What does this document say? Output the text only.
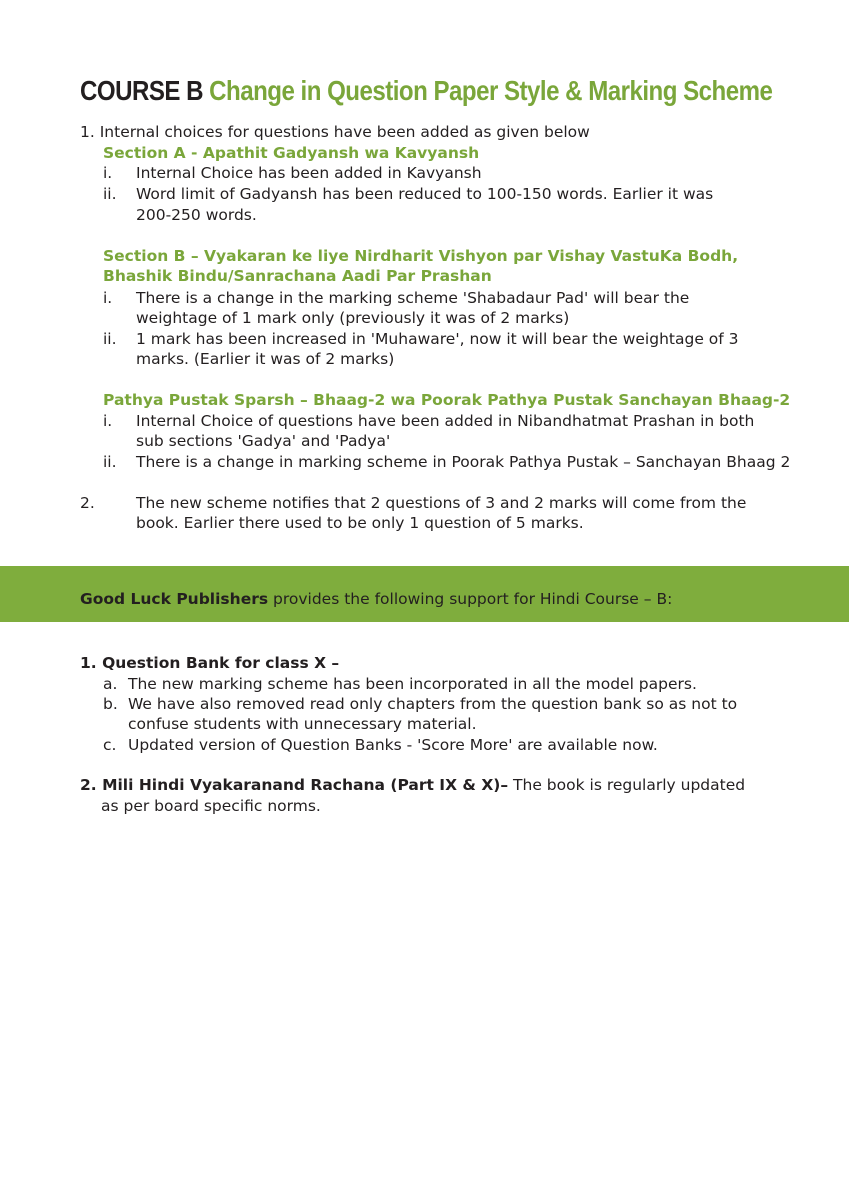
COURSE B Change in Question Paper Style & Marking Scheme
1. Internal choices for questions have been added as given below
Section A - Apathit Gadyansh wa Kavyansh
i. Internal Choice has been added in Kavyansh
ii. Word limit of Gadyansh has been reduced to 100-150 words. Earlier it was
200-250 words.
Section B – Vyakaran ke liye Nirdharit Vishyon par Vishay VastuKa Bodh,
Bhashik Bindu/Sanrachana Aadi Par Prashan
i. There is a change in the marking scheme 'Shabadaur Pad' will bear the
weightage of 1 mark only (previously it was of 2 marks)
ii. 1 mark has been increased in 'Muhaware', now it will bear the weightage of 3
marks. (Earlier it was of 2 marks)
Pathya Pustak Sparsh – Bhaag-2 wa Poorak Pathya Pustak Sanchayan Bhaag-2
i. Internal Choice of questions have been added in Nibandhatmat Prashan in both
sub sections 'Gadya' and 'Padya'
ii. There is a change in marking scheme in Poorak Pathya Pustak – Sanchayan Bhaag 2
2.	The new scheme notifies that 2 questions of 3 and 2 marks will come from the
book. Earlier there used to be only 1 question of 5 marks.
Good Luck Publishers provides the following support for Hindi Course – B:
1. Question Bank for class X –
a. The new marking scheme has been incorporated in all the model papers.
b. We have also removed read only chapters from the question bank so as not to
confuse students with unnecessary material.
c. Updated version of Question Banks - 'Score More' are available now.
2. Mili Hindi Vyakaranand Rachana (Part IX & X)– The book is regularly updated
as per board specific norms.
